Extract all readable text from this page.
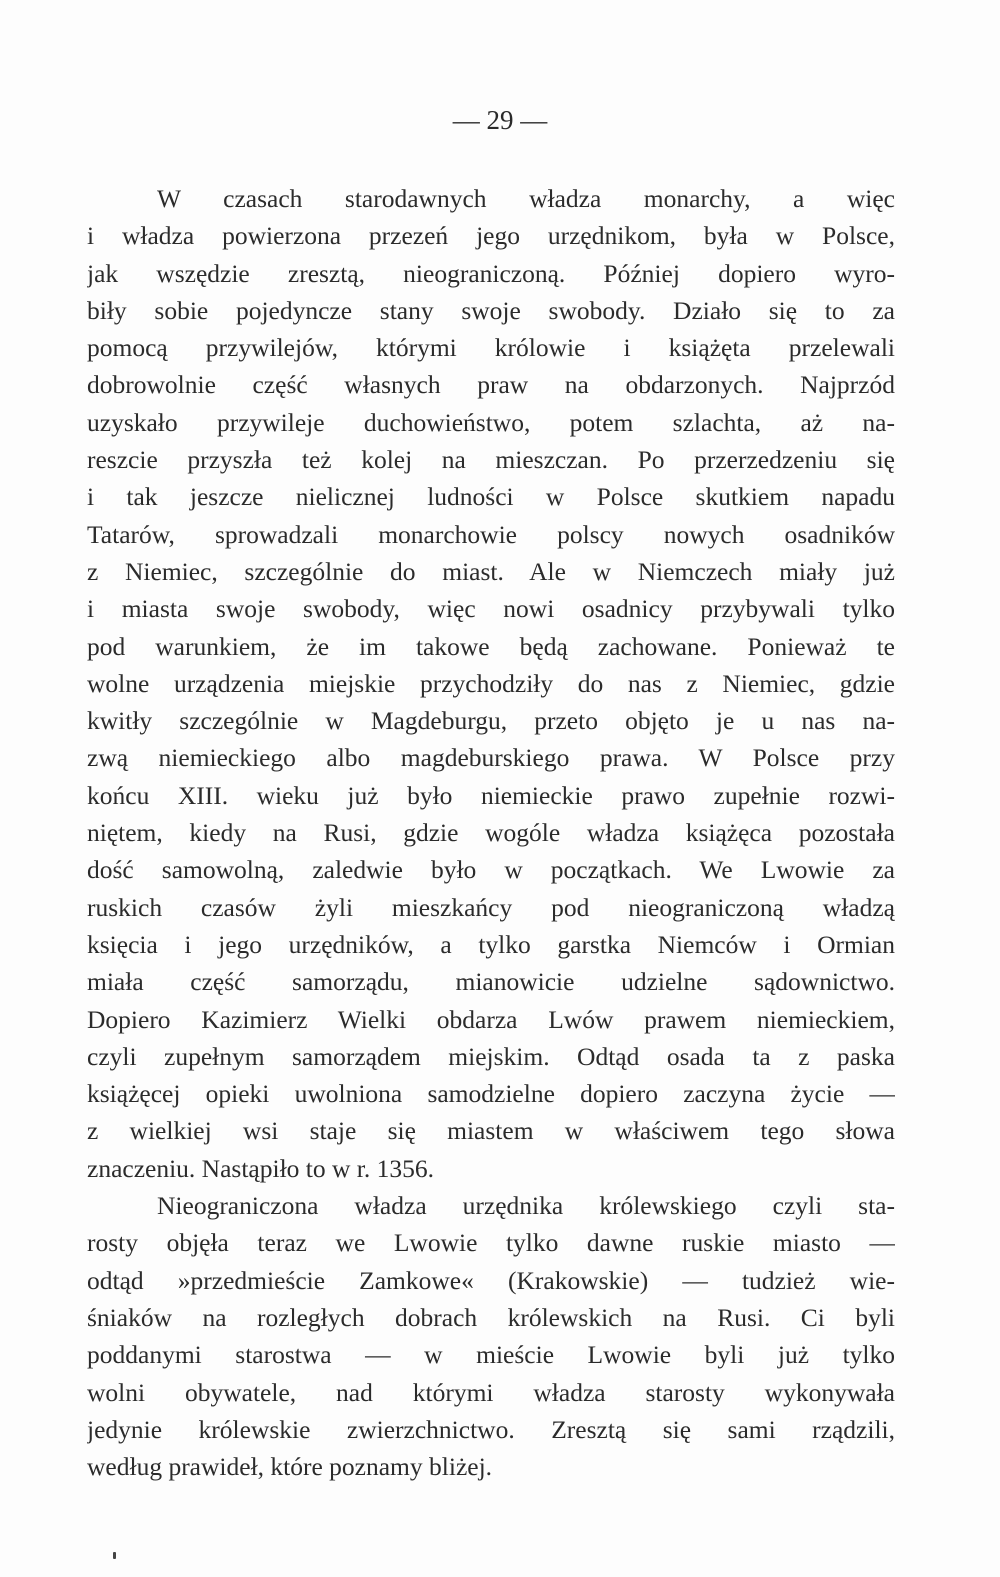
— 29 —
W czasach starodawnych władza monarchy, a więc
i władza powierzona przezeń jego urzędnikom, była w Polsce,
jak wszędzie zresztą, nieograniczoną. Później dopiero wyro-
biły sobie pojedyncze stany swoje swobody. Działo się to za
pomocą przywilejów, którymi królowie i książęta przelewali
dobrowolnie część własnych praw na obdarzonych. Najprzód
uzyskało przywileje duchowieństwo, potem szlachta, aż na-
reszcie przyszła też kolej na mieszczan. Po przerzedzeniu się
i tak jeszcze nielicznej ludności w Polsce skutkiem napadu
Tatarów, sprowadzali monarchowie polscy nowych osadników
z Niemiec, szczególnie do miast. Ale w Niemczech miały już
i miasta swoje swobody, więc nowi osadnicy przybywali tylko
pod warunkiem, że im takowe będą zachowane. Ponieważ te
wolne urządzenia miejskie przychodziły do nas z Niemiec, gdzie
kwitły szczególnie w Magdeburgu, przeto objęto je u nas na-
zwą niemieckiego albo magdeburskiego prawa. W Polsce przy
końcu XIII. wieku już było niemieckie prawo zupełnie rozwi-
niętem, kiedy na Rusi, gdzie wogóle władza książęca pozostała
dość samowolną, zaledwie było w początkach. We Lwowie za
ruskich czasów żyli mieszkańcy pod nieograniczoną władzą
księcia i jego urzędników, a tylko garstka Niemców i Ormian
miała część samorządu, mianowicie udzielne sądownictwo.
Dopiero Kazimierz Wielki obdarza Lwów prawem niemieckiem,
czyli zupełnym samorządem miejskim. Odtąd osada ta z paska
książęcej opieki uwolniona samodzielne dopiero zaczyna życie —
z wielkiej wsi staje się miastem w właściwem tego słowa
znaczeniu. Nastąpiło to w r. 1356.
Nieograniczona władza urzędnika królewskiego czyli sta-
rosty objęła teraz we Lwowie tylko dawne ruskie miasto —
odtąd »przedmieście Zamkowe« (Krakowskie) — tudzież wie-
śniaków na rozległych dobrach królewskich na Rusi. Ci byli
poddanymi starostwa — w mieście Lwowie byli już tylko
wolni obywatele, nad którymi władza starosty wykonywała
jedynie królewskie zwierzchnictwo. Zresztą się sami rządzili,
według prawideł, które poznamy bliżej.
